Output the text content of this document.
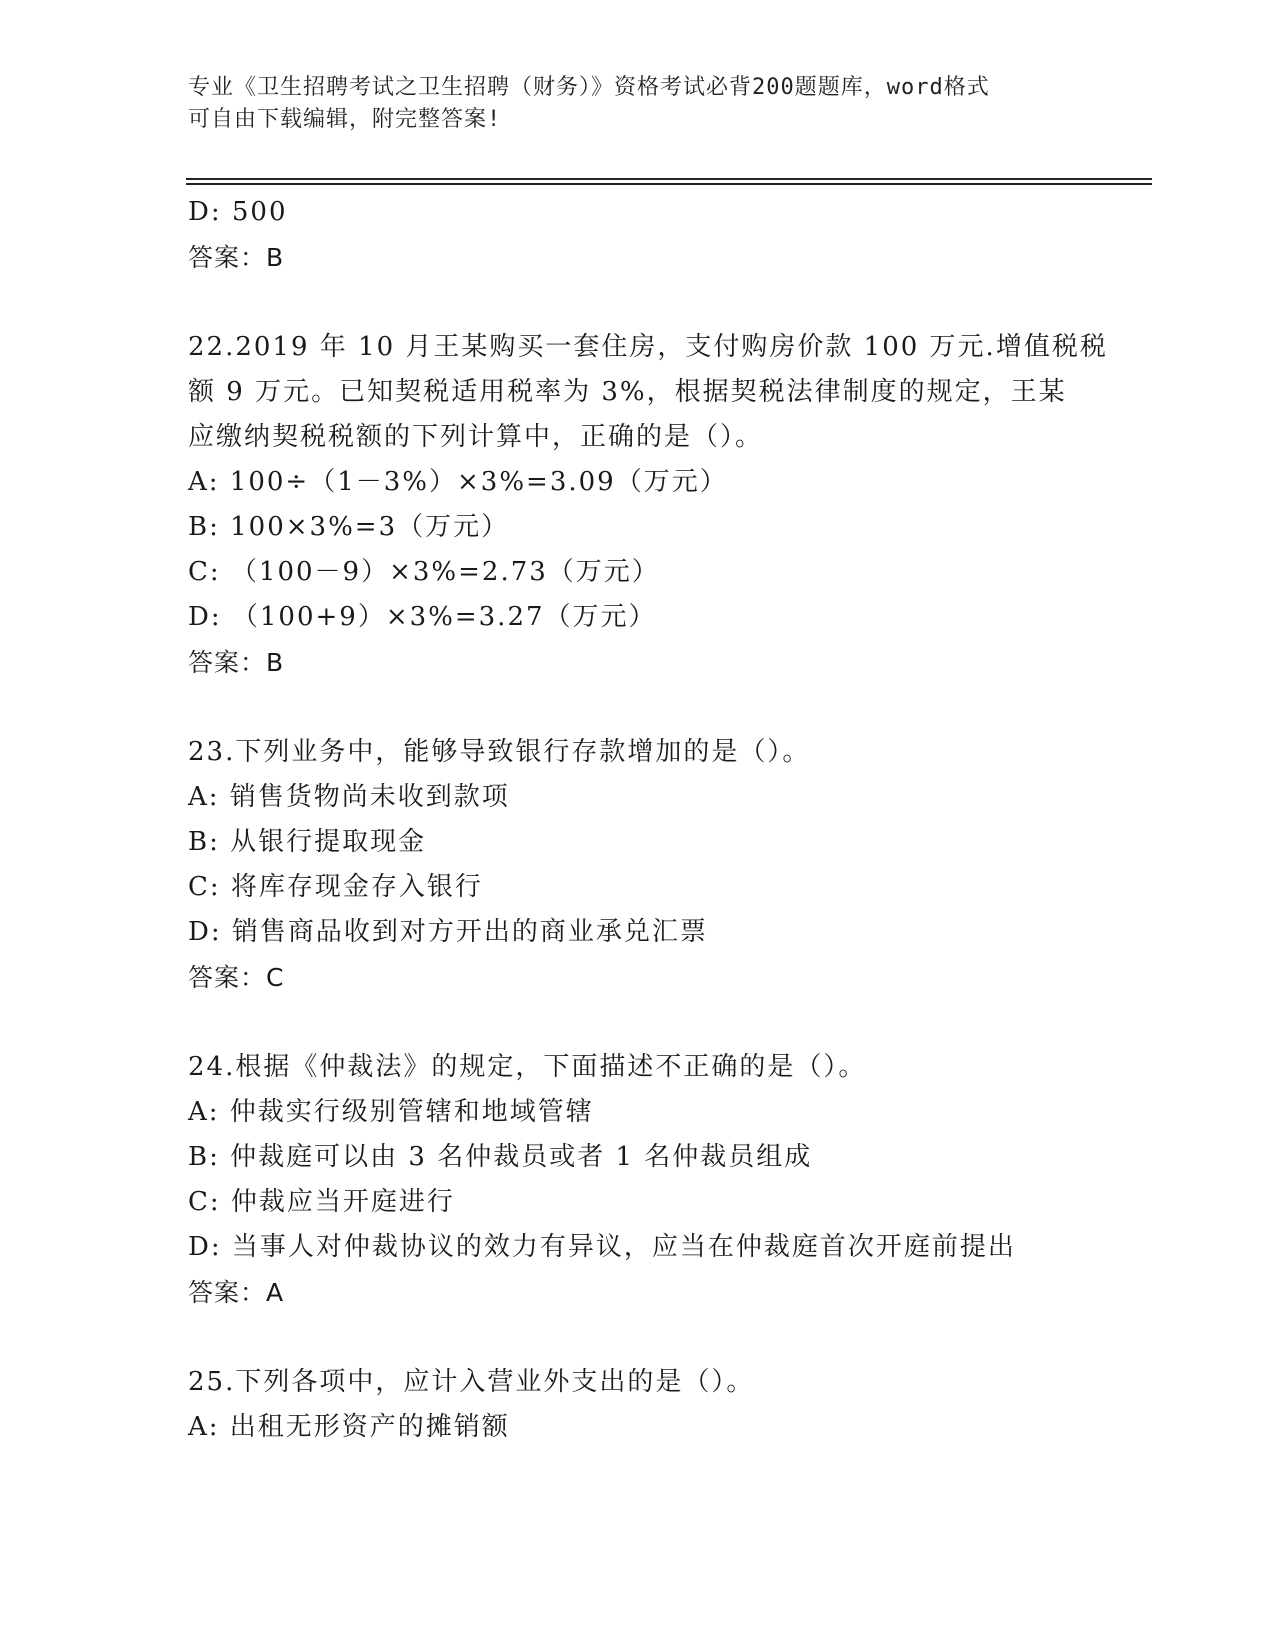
专业《卫生招聘考试之卫生招聘（财务）》资格考试必背200题题库，word格式
可自由下载编辑，附完整答案!
D: 500
答案：B
22.2019 年 10 月王某购买一套住房，支付购房价款 100 万元.增值税税
额 9 万元。已知契税适用税率为 3%，根据契税法律制度的规定，王某
应缴纳契税税额的下列计算中，正确的是（）。
A: 100÷（1－3%）×3%=3.09（万元）
B: 100×3%=3（万元）
C: （100－9）×3%=2.73（万元）
D: （100+9）×3%=3.27（万元）
答案：B
23.下列业务中，能够导致银行存款增加的是（）。
A: 销售货物尚未收到款项
B: 从银行提取现金
C: 将库存现金存入银行
D: 销售商品收到对方开出的商业承兑汇票
答案：C
24.根据《仲裁法》的规定，下面描述不正确的是（）。
A: 仲裁实行级别管辖和地域管辖
B: 仲裁庭可以由 3 名仲裁员或者 1 名仲裁员组成
C: 仲裁应当开庭进行
D: 当事人对仲裁协议的效力有异议，应当在仲裁庭首次开庭前提出
答案：A
25.下列各项中，应计入营业外支出的是（）。
A: 出租无形资产的摊销额
